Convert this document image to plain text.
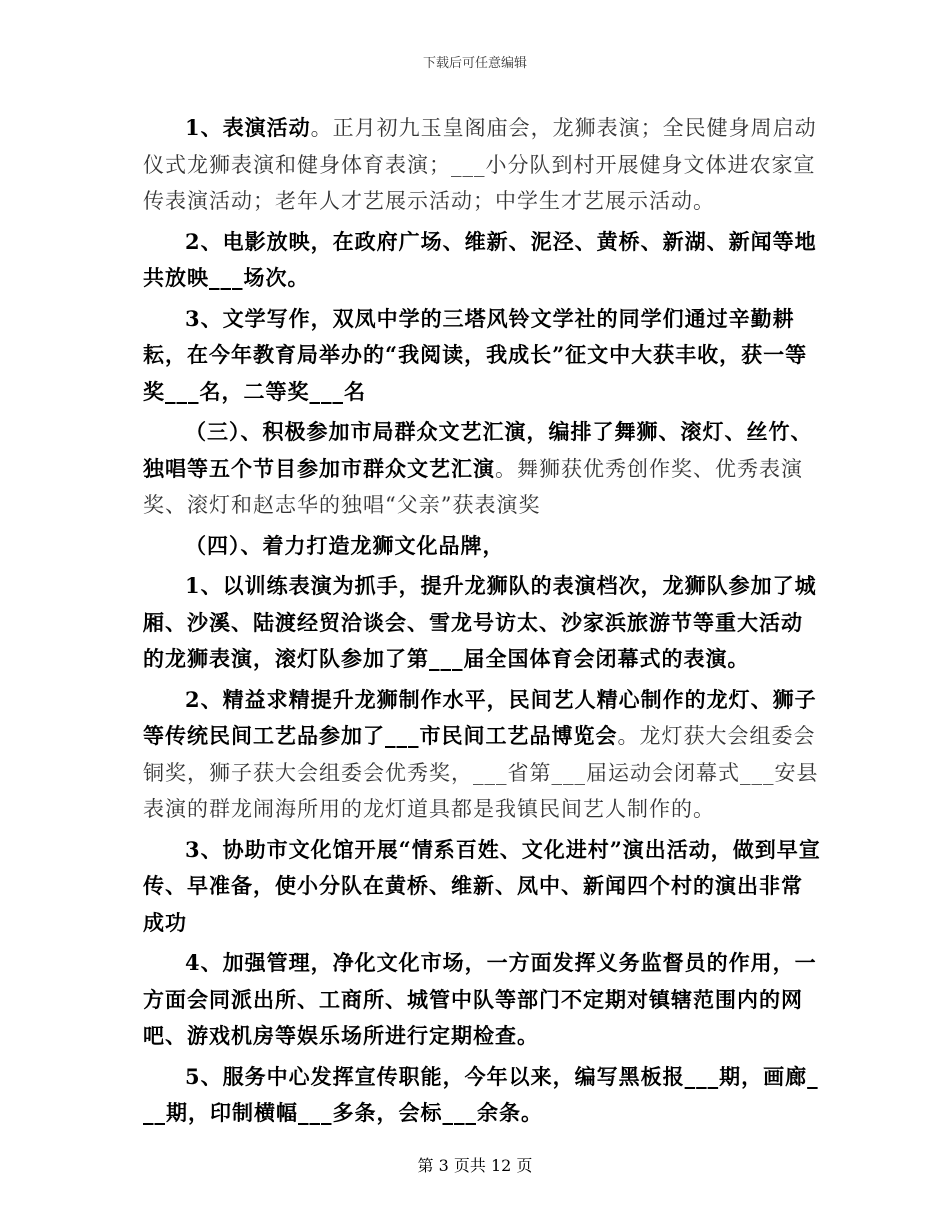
下载后可任意编辑

1、表演活动。正月初九玉皇阁庙会，龙狮表演；全民健身周启动仪式龙狮表演和健身体育表演；___小分队到村开展健身文体进农家宣传表演活动；老年人才艺展示活动；中学生才艺展示活动。

2、电影放映，在政府广场、维新、泥泾、黄桥、新湖、新闻等地共放映___场次。

3、文学写作，双凤中学的三塔风铃文学社的同学们通过辛勤耕耘，在今年教育局举办的“我阅读，我成长”征文中大获丰收，获一等奖___名，二等奖___名

（三）、积极参加市局群众文艺汇演，编排了舞狮、滚灯、丝竹、独唱等五个节目参加市群众文艺汇演。舞狮获优秀创作奖、优秀表演奖、滚灯和赵志华的独唱“父亲”获表演奖

（四）、着力打造龙狮文化品牌，

1、以训练表演为抓手，提升龙狮队的表演档次，龙狮队参加了城厢、沙溪、陆渡经贸洽谈会、雪龙号访太、沙家浜旅游节等重大活动的龙狮表演，滚灯队参加了第___届全国体育会闭幕式的表演。

2、精益求精提升龙狮制作水平，民间艺人精心制作的龙灯、狮子等传统民间工艺品参加了___市民间工艺品博览会。龙灯获大会组委会铜奖，狮子获大会组委会优秀奖，___省第___届运动会闭幕式___安县表演的群龙闹海所用的龙灯道具都是我镇民间艺人制作的。

3、协助市文化馆开展“情系百姓、文化进村”演出活动，做到早宣传、早准备，使小分队在黄桥、维新、凤中、新闻四个村的演出非常成功

4、加强管理，净化文化市场，一方面发挥义务监督员的作用，一方面会同派出所、工商所、城管中队等部门不定期对镇辖范围内的网吧、游戏机房等娱乐场所进行定期检查。

5、服务中心发挥宣传职能，今年以来，编写黑板报___期，画廊___期，印制横幅___多条，会标___余条。

第 3 页共 12 页
